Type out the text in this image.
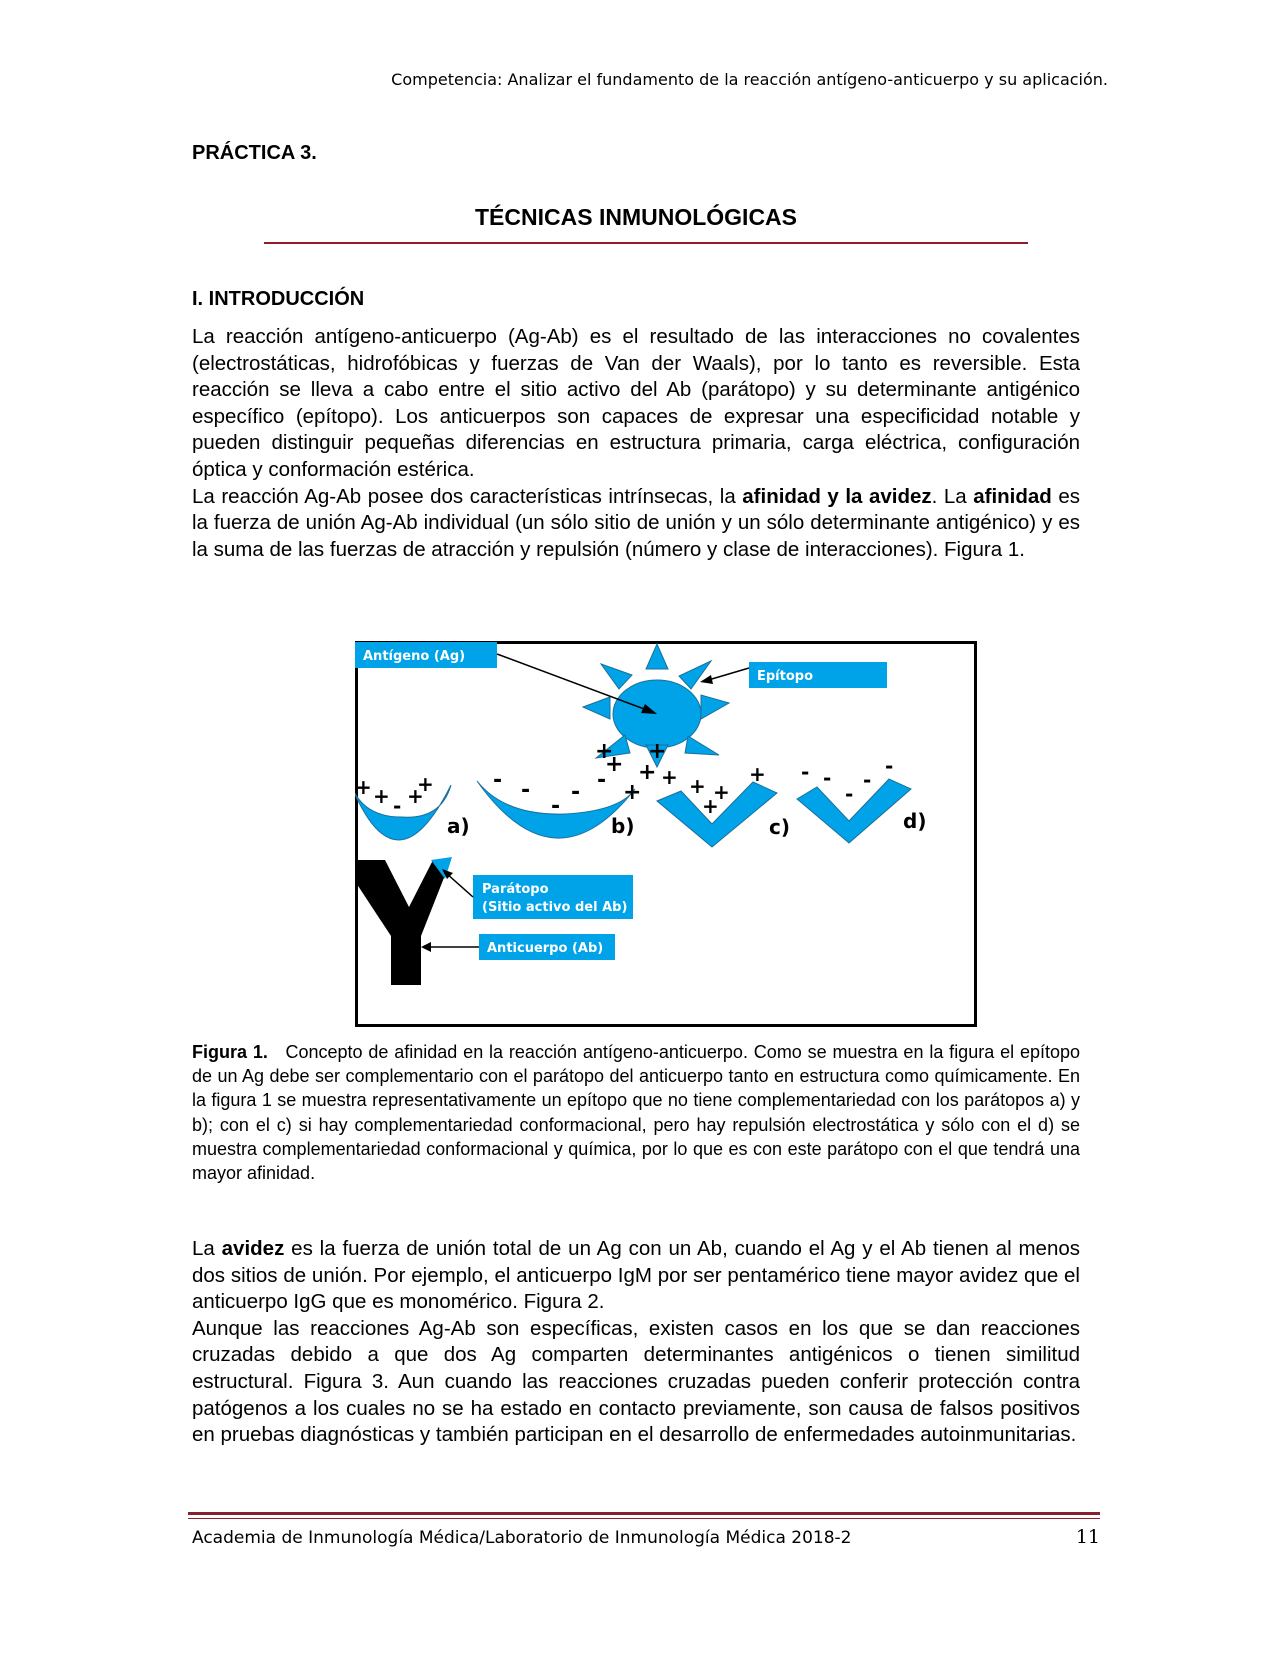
Competencia: Analizar el fundamento de la reacción antígeno-anticuerpo y su aplicación.
PRÁCTICA 3.
TÉCNICAS INMUNOLÓGICAS
I. INTRODUCCIÓN

La reacción antígeno-anticuerpo (Ag-Ab) es el resultado de las interacciones no covalentes (electrostáticas, hidrofóbicas y fuerzas de Van der Waals), por lo tanto es reversible. Esta reacción se lleva a cabo entre el sitio activo del Ab (parátopo) y su determinante antigénico específico (epítopo). Los anticuerpos son capaces de expresar una especificidad notable y pueden distinguir pequeñas diferencias en estructura primaria, carga eléctrica, configuración óptica y conformación estérica.

La reacción Ag-Ab posee dos características intrínsecas, la afinidad y la avidez. La afinidad es la fuerza de unión Ag-Ab individual (un sólo sitio de unión y un sólo determinante antigénico) y es la suma de las fuerzas de atracción y repulsión (número y clase de interacciones). Figura 1.

+ +
+ +
Antígeno (Ag)
Epítopo
+ + - +
+
a)
- -
-
- - +
b)
+ + +
+
+
c)
- -
-
-
-
d)
Parátopo
(Sitio activo del Ab)
Anticuerpo (Ab)

Figura 1. Concepto de afinidad en la reacción antígeno-anticuerpo. Como se muestra en la figura el epítopo de un Ag debe ser complementario con el parátopo del anticuerpo tanto en estructura como químicamente. En la figura 1 se muestra representativamente un epítopo que no tiene complementariedad con los parátopos a) y b); con el c) si hay complementariedad conformacional, pero hay repulsión electrostática y sólo con el d) se muestra complementariedad conformacional y química, por lo que es con este parátopo con el que tendrá una mayor afinidad.

La avidez es la fuerza de unión total de un Ag con un Ab, cuando el Ag y el Ab tienen al menos dos sitios de unión. Por ejemplo, el anticuerpo IgM por ser pentamérico tiene mayor avidez que el anticuerpo IgG que es monomérico. Figura 2.

Aunque las reacciones Ag-Ab son específicas, existen casos en los que se dan reacciones cruzadas debido a que dos Ag comparten determinantes antigénicos o tienen similitud estructural. Figura 3. Aun cuando las reacciones cruzadas pueden conferir protección contra patógenos a los cuales no se ha estado en contacto previamente, son causa de falsos positivos en pruebas diagnósticas y también participan en el desarrollo de enfermedades autoinmunitarias.

Academia de Inmunología Médica/Laboratorio de Inmunología Médica 2018-2	11
